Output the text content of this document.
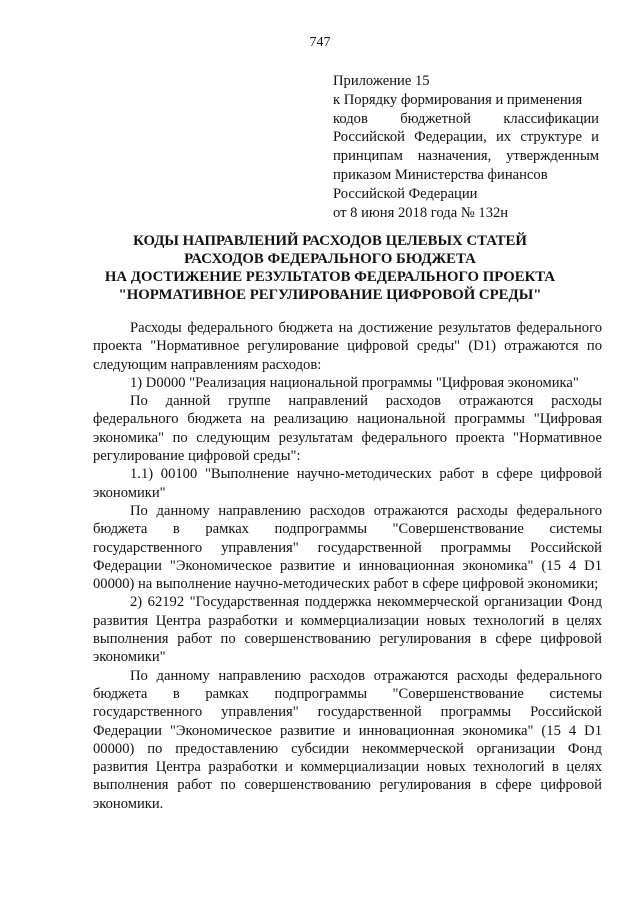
747
Приложение 15
к Порядку формирования и применения
кодов бюджетной классификации
Российской Федерации, их структуре и
принципам назначения, утвержденным
приказом Министерства финансов
Российской Федерации
от 8 июня 2018 года № 132н
КОДЫ НАПРАВЛЕНИЙ РАСХОДОВ ЦЕЛЕВЫХ СТАТЕЙ
РАСХОДОВ ФЕДЕРАЛЬНОГО БЮДЖЕТА
НА ДОСТИЖЕНИЕ РЕЗУЛЬТАТОВ ФЕДЕРАЛЬНОГО ПРОЕКТА
"НОРМАТИВНОЕ РЕГУЛИРОВАНИЕ ЦИФРОВОЙ СРЕДЫ"

Расходы федерального бюджета на достижение результатов федерального проекта "Нормативное регулирование цифровой среды" (D1) отражаются по следующим направлениям расходов:

1) D0000 "Реализация национальной программы "Цифровая экономика"

По данной группе направлений расходов отражаются расходы федерального бюджета на реализацию национальной программы "Цифровая экономика" по следующим результатам федерального проекта "Нормативное регулирование цифровой среды":

1.1) 00100 "Выполнение научно-методических работ в сфере цифровой экономики"

По данному направлению расходов отражаются расходы федерального бюджета в рамках подпрограммы "Совершенствование системы государственного управления" государственной программы Российской Федерации "Экономическое развитие и инновационная экономика" (15 4 D1 00000) на выполнение научно-методических работ в сфере цифровой экономики;

2) 62192 "Государственная поддержка некоммерческой организации Фонд развития Центра разработки и коммерциализации новых технологий в целях выполнения работ по совершенствованию регулирования в сфере цифровой экономики"

По данному направлению расходов отражаются расходы федерального бюджета в рамках подпрограммы "Совершенствование системы государственного управления" государственной программы Российской Федерации "Экономическое развитие и инновационная экономика" (15 4 D1 00000) по предоставлению субсидии некоммерческой организации Фонд развития Центра разработки и коммерциализации новых технологий в целях выполнения работ по совершенствованию регулирования в сфере цифровой экономики.
